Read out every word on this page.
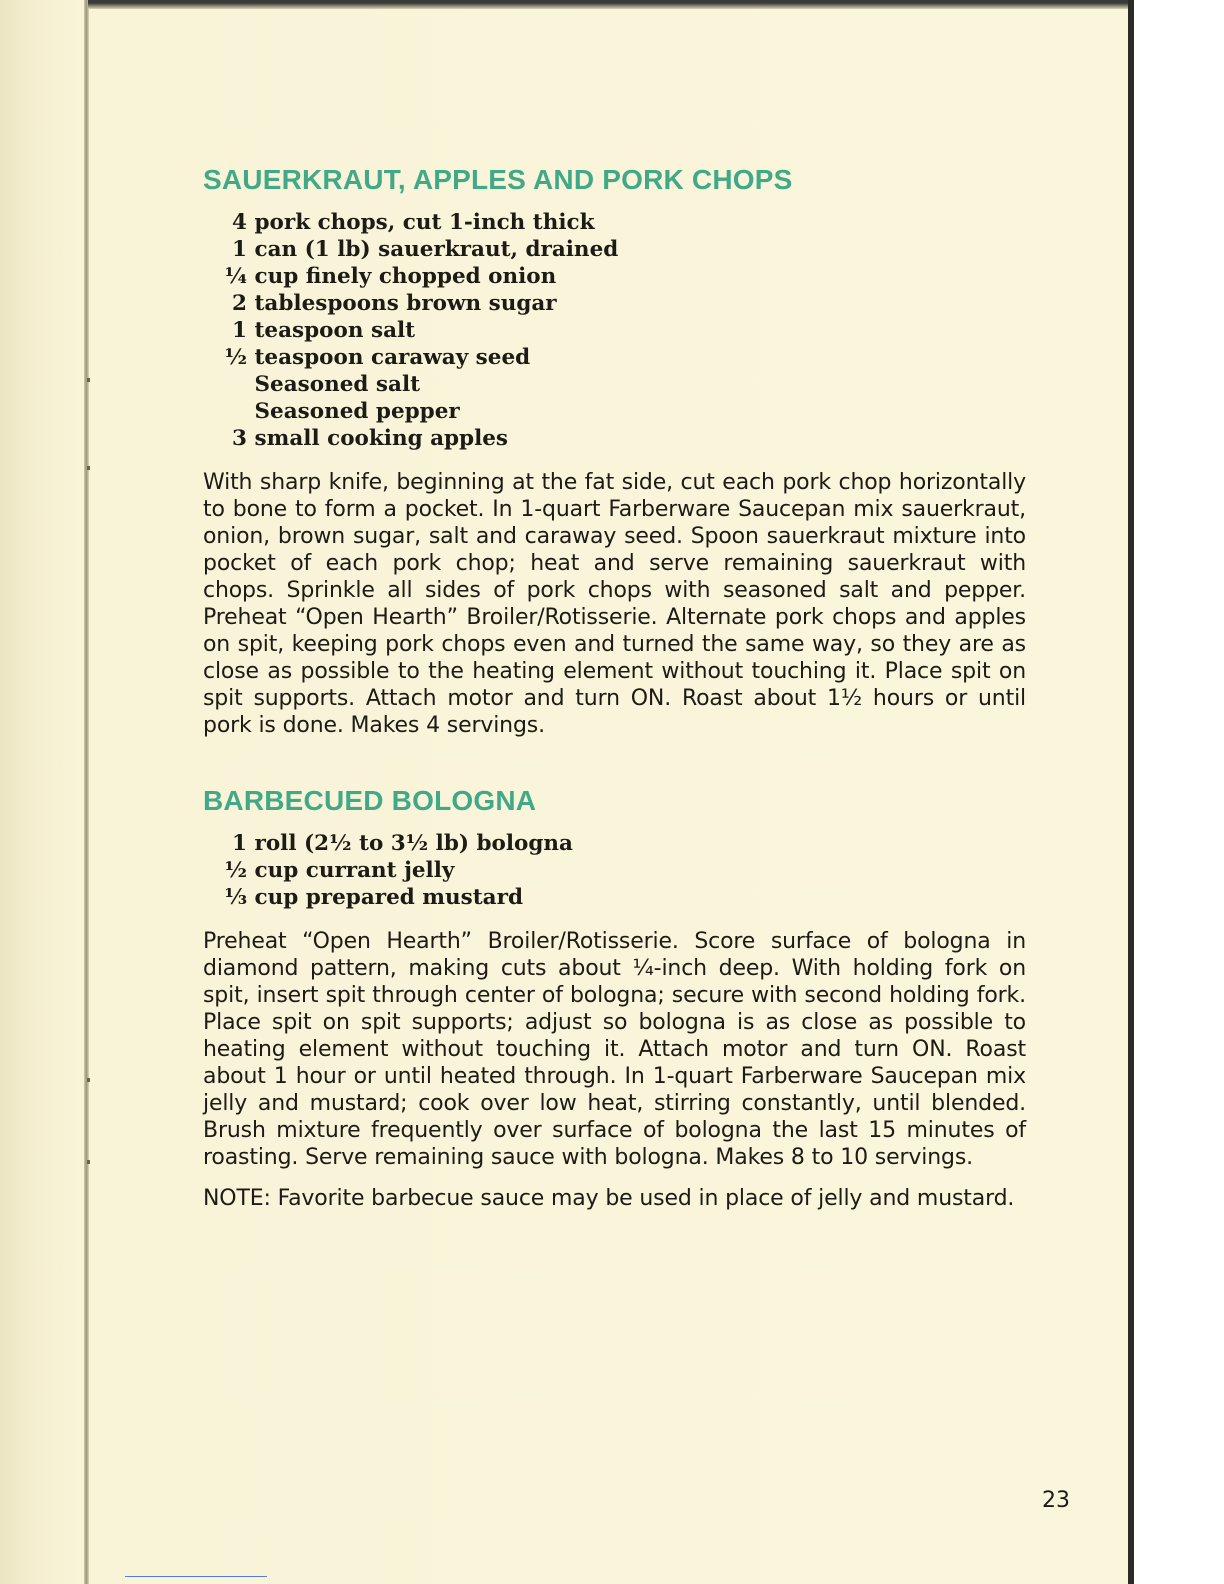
SAUERKRAUT, APPLES AND PORK CHOPS
4
pork chops, cut 1-inch thick
1
can (1 lb) sauerkraut, drained
¼
cup finely chopped onion
2
tablespoons brown sugar
1
teaspoon salt
½
teaspoon caraway seed

Seasoned salt

Seasoned pepper
3
small cooking apples

With sharp knife, beginning at the fat side, cut each pork chop horizontally to bone to form a pocket. In 1-quart Farberware Saucepan mix sauerkraut, onion, brown sugar, salt and caraway seed. Spoon sauerkraut mixture into pocket of each pork chop; heat and serve remaining sauerkraut with chops. Sprinkle all sides of pork chops with seasoned salt and pepper. Preheat “Open Hearth” Broiler/Rotisserie. Alternate pork chops and apples on spit, keeping pork chops even and turned the same way, so they are as close as possible to the heating element without touching it. Place spit on spit supports. Attach motor and turn ON. Roast about 1½ hours or until pork is done. Makes 4 servings.

BARBECUED BOLOGNA
1
roll (2½ to 3½ lb) bologna
½
cup currant jelly
⅓
cup prepared mustard

Preheat “Open Hearth” Broiler/Rotisserie. Score surface of bologna in diamond pattern, making cuts about ¼-inch deep. With holding fork on spit, insert spit through center of bologna; secure with second holding fork. Place spit on spit supports; adjust so bologna is as close as possible to heating element without touching it. Attach motor and turn ON. Roast about 1 hour or until heated through. In 1-quart Farberware Saucepan mix jelly and mustard; cook over low heat, stirring constantly, until blended. Brush mixture frequently over surface of bologna the last 15 minutes of roasting. Serve remaining sauce with bologna. Makes 8 to 10 servings.

NOTE: Favorite barbecue sauce may be used in place of jelly and mustard.

23
